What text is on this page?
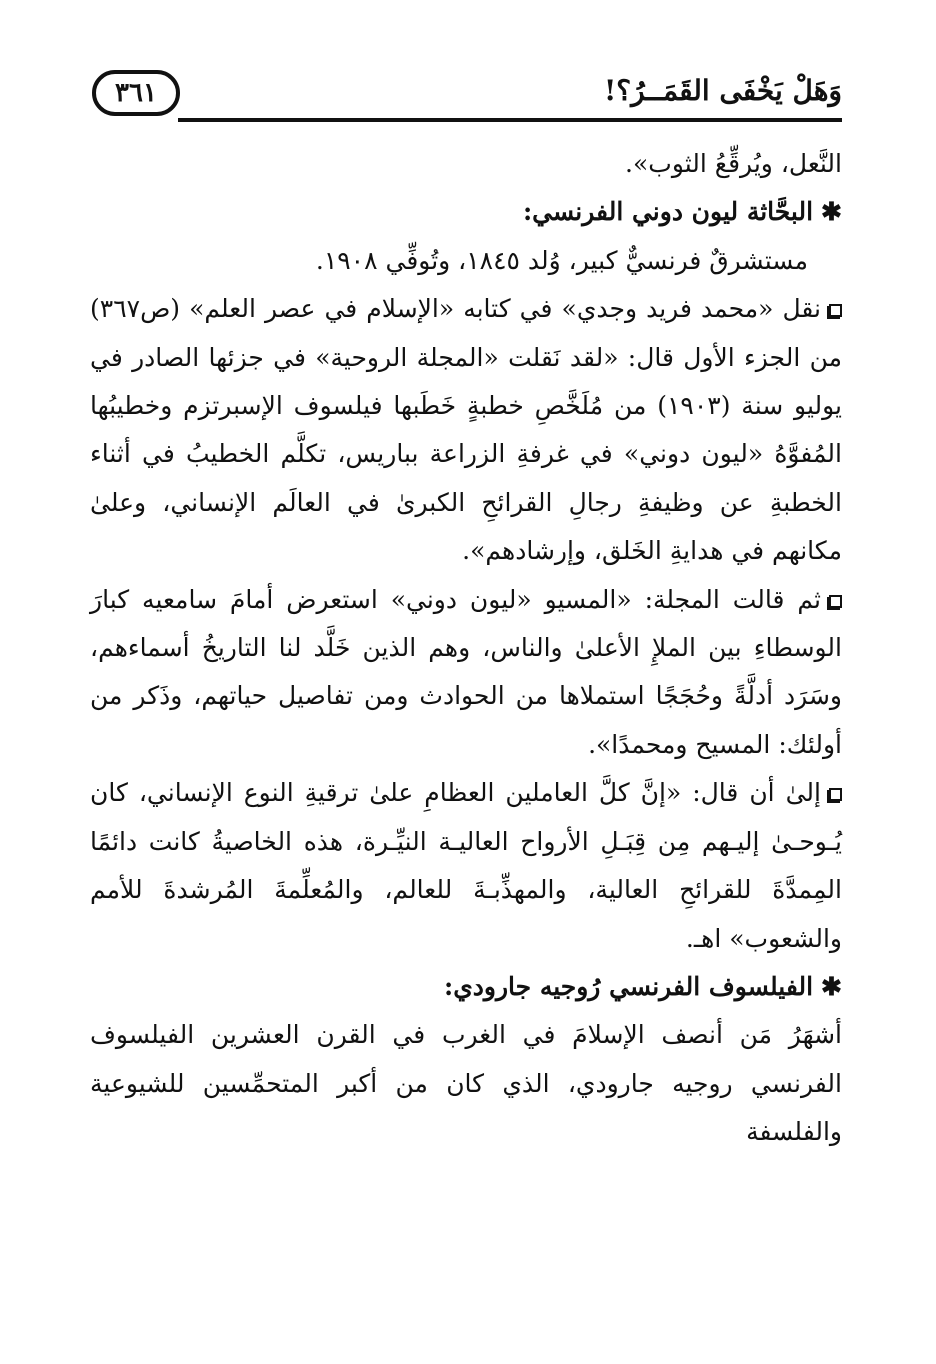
وَهَلْ يَخْفَى القَمَــرُ؟!
٣٦١

النَّعل، ويُرقِّعُ الثوب».

✱البحَّاثة ليون دوني الفرنسي:

مستشرقٌ فرنسيٌّ كبير، وُلد ١٨٤٥، وتُوفِّي ١٩٠٨.

نقل «محمد فريد وجدي» في كتابه «الإسلام في عصر العلم» (ص٣٦٧) من الجزء الأول قال: «لقد نَقلت «المجلة الروحية» في جزئها الصادر في يوليو سنة (١٩٠٣) من مُلَخَّصِ خطبةٍ خَطَبها فيلسوف الإسبرتزم وخطيبُها المُفوَّهُ «ليون دوني» في غرفةِ الزراعة بباريس، تكلَّم الخطيبُ في أثناء الخطبةِ عن وظيفةِ رجالِ القرائحِ الكبرىٰ في العالَم الإنساني، وعلىٰ مكانهم في هدايةِ الخَلق، وإرشادهم».

ثم قالت المجلة: «المسيو «ليون دوني» استعرض أمامَ سامعيه كبارَ الوسطاءِ بين الملإِ الأعلىٰ والناس، وهم الذين خَلَّد لنا التاريخُ أسماءهم، وسَرَد أدلَّةً وحُجَجًا استملاها من الحوادث ومن تفاصيل حياتهم، وذَكر من أولئك: المسيح ومحمدًا».

إلىٰ أن قال: «إنَّ كلَّ العاملين العظامِ علىٰ ترقيةِ النوع الإنساني، كان يُـوحـىٰ إليـهم مِن قِبَـلِ الأرواح العاليـة النيِّـرة، هذه الخاصيةُ كانت دائمًا المِمدَّةَ للقرائحِ العالية، والمهذِّبـةَ للعالم، والمُعلِّمةَ المُرشدةَ للأمم والشعوب» اهـ.

✱الفيلسوف الفرنسي رُوجيه جارودي:

أشهَرُ مَن أنصف الإسلامَ في الغرب في القرن العشرين الفيلسوف الفرنسي روجيه جارودي، الذي كان من أكبر المتحمِّسين للشيوعية والفلسفة
